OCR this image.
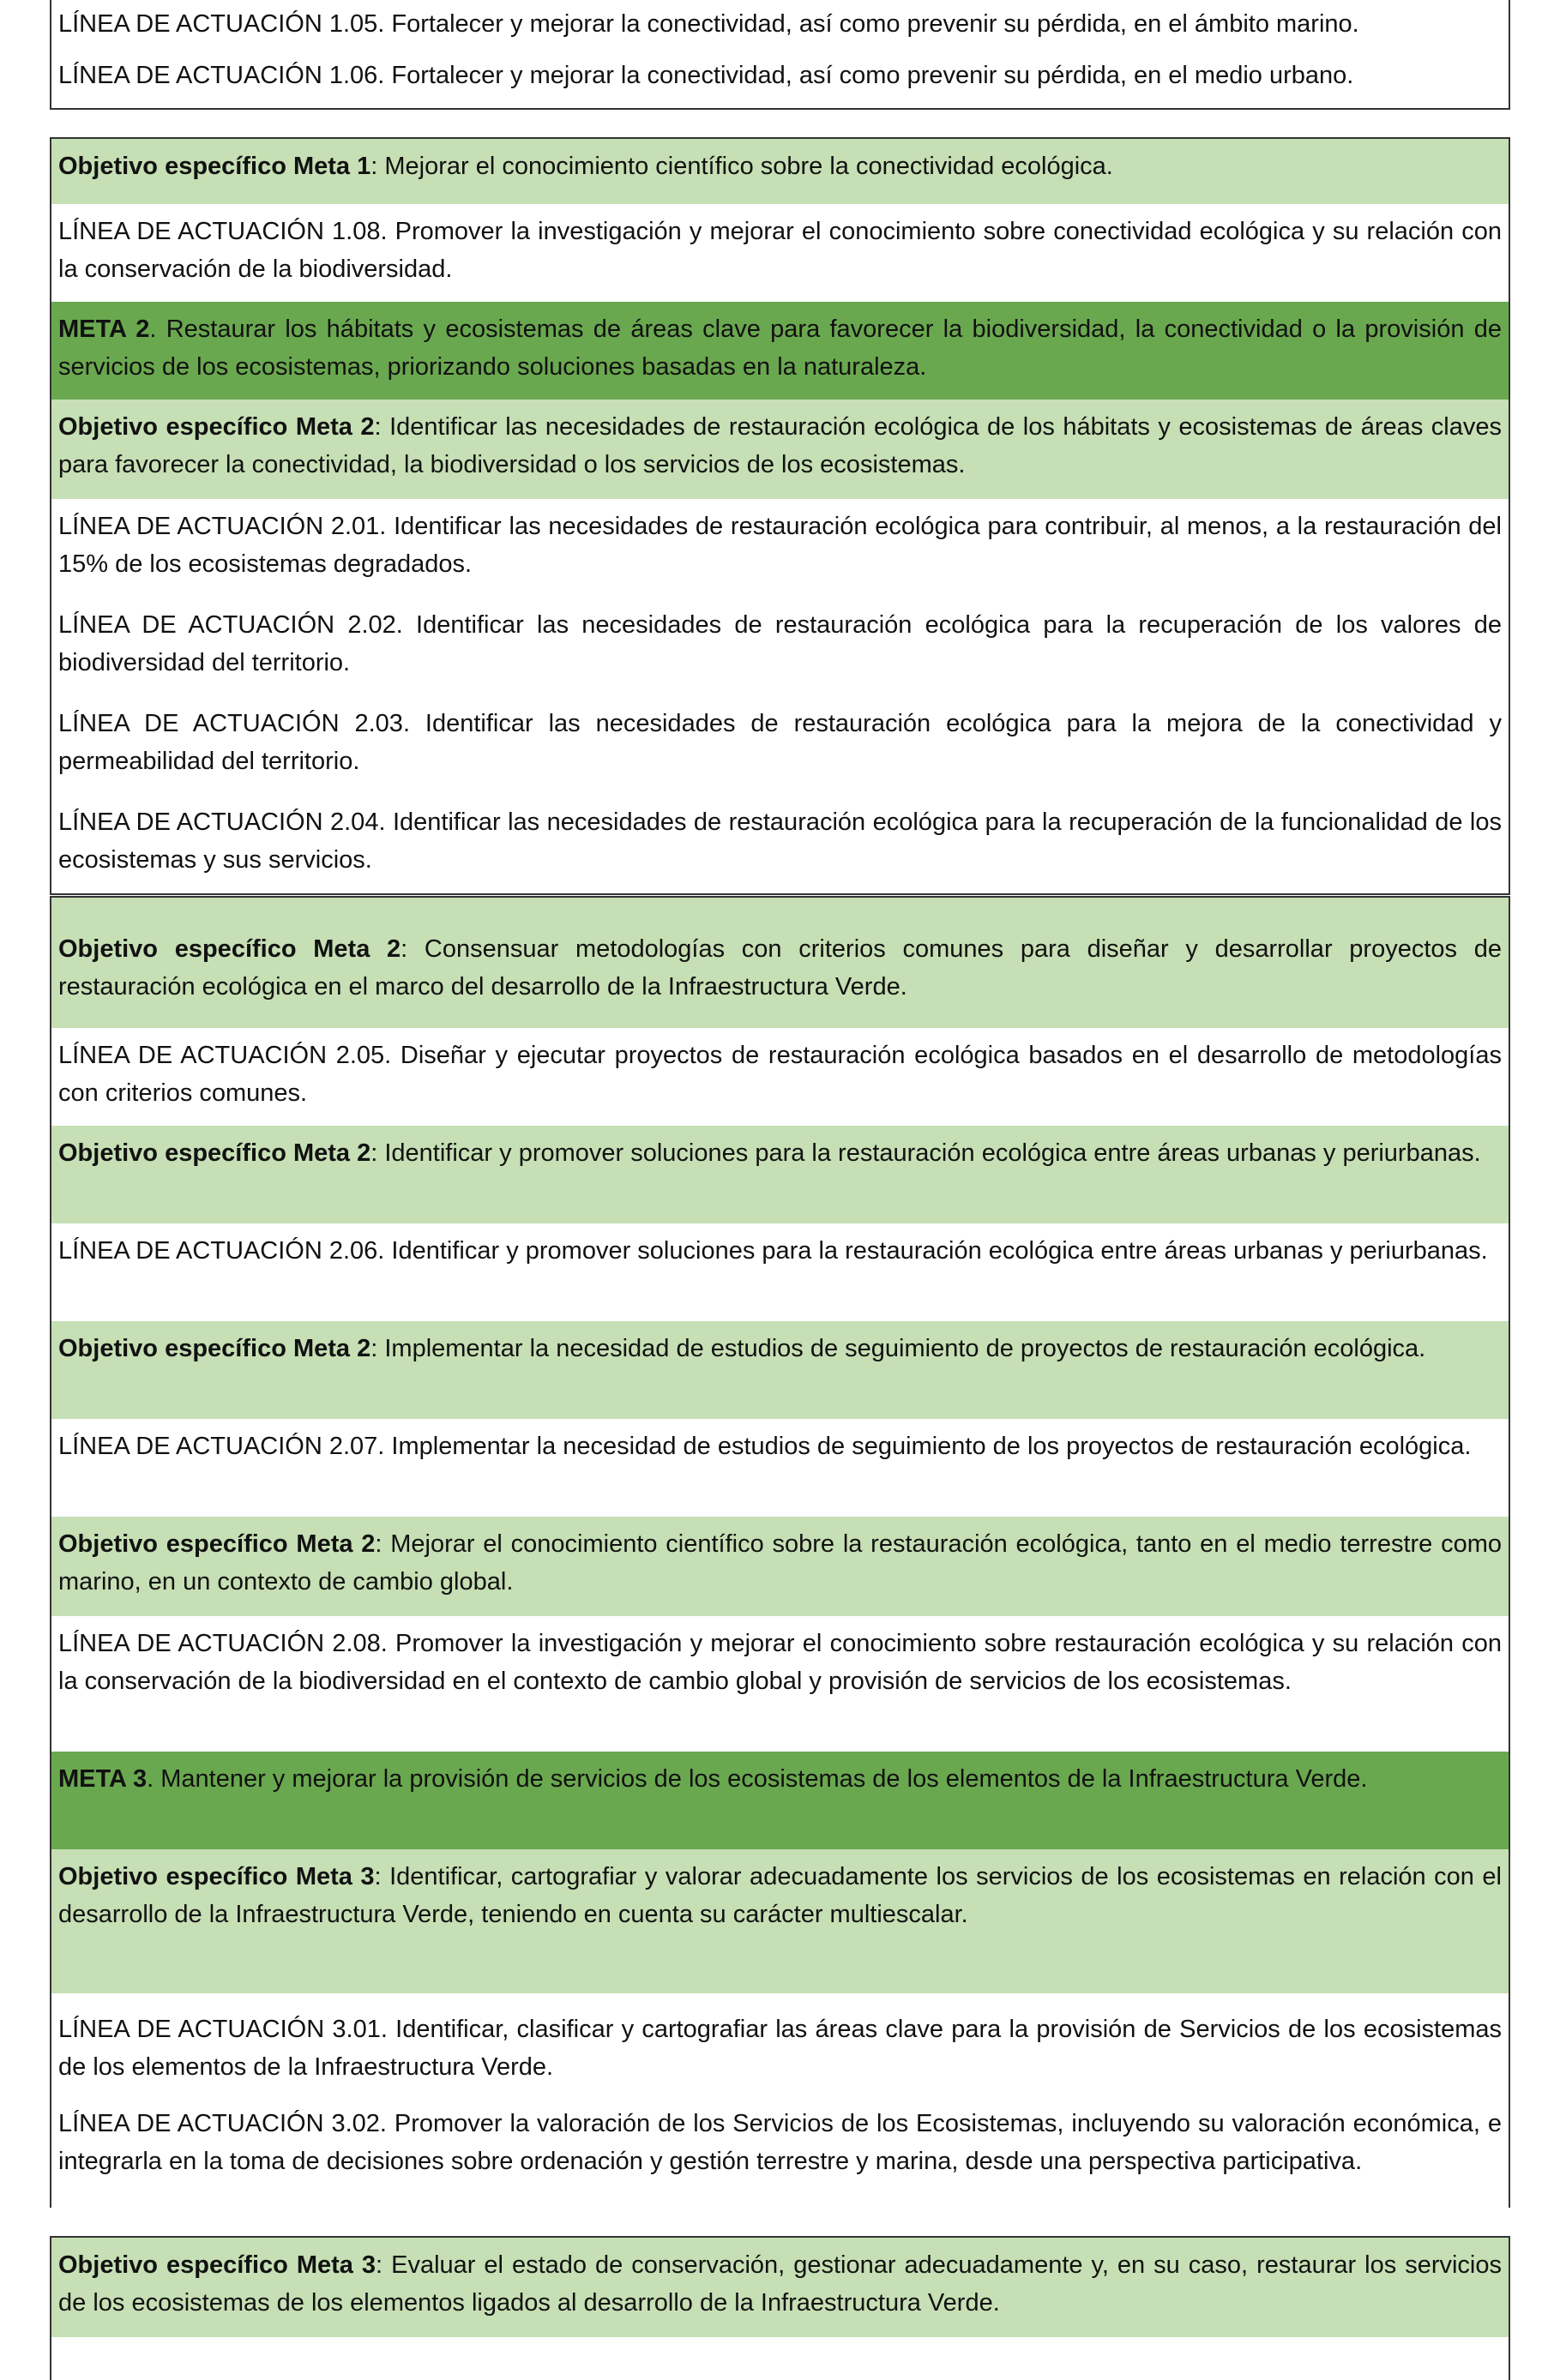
LÍNEA DE ACTUACIÓN 1.05. Fortalecer y mejorar la conectividad, así como prevenir su pérdida, en el ámbito marino.
LÍNEA DE ACTUACIÓN 1.06. Fortalecer y mejorar la conectividad, así como prevenir su pérdida, en el medio urbano.
Objetivo específico Meta 1: Mejorar el conocimiento científico sobre la conectividad ecológica.
LÍNEA DE ACTUACIÓN 1.08. Promover la investigación y mejorar el conocimiento sobre conectividad ecológica y su relación con la conservación de la biodiversidad.
META 2. Restaurar los hábitats y ecosistemas de áreas clave para favorecer la biodiversidad, la conectividad o la provisión de servicios de los ecosistemas, priorizando soluciones basadas en la naturaleza.
Objetivo específico Meta 2: Identificar las necesidades de restauración ecológica de los hábitats y ecosistemas de áreas claves para favorecer la conectividad, la biodiversidad o los servicios de los ecosistemas.
LÍNEA DE ACTUACIÓN 2.01. Identificar las necesidades de restauración ecológica para contribuir, al menos, a la restauración del 15% de los ecosistemas degradados.
LÍNEA DE ACTUACIÓN 2.02. Identificar las necesidades de restauración ecológica para la recuperación de los valores de biodiversidad del territorio.
LÍNEA DE ACTUACIÓN 2.03. Identificar las necesidades de restauración ecológica para la mejora de la conectividad y permeabilidad del territorio.
LÍNEA DE ACTUACIÓN 2.04. Identificar las necesidades de restauración ecológica para la recuperación de la funcionalidad de los ecosistemas y sus servicios.
Objetivo específico Meta 2: Consensuar metodologías con criterios comunes para diseñar y desarrollar proyectos de restauración ecológica en el marco del desarrollo de la Infraestructura Verde.
LÍNEA DE ACTUACIÓN 2.05. Diseñar y ejecutar proyectos de restauración ecológica basados en el desarrollo de metodologías con criterios comunes.
Objetivo específico Meta 2: Identificar y promover soluciones para la restauración ecológica entre áreas urbanas y periurbanas.
LÍNEA DE ACTUACIÓN 2.06. Identificar y promover soluciones para la restauración ecológica entre áreas urbanas y periurbanas.
Objetivo específico Meta 2: Implementar la necesidad de estudios de seguimiento de proyectos de restauración ecológica.
LÍNEA DE ACTUACIÓN 2.07. Implementar la necesidad de estudios de seguimiento de los proyectos de restauración ecológica.
Objetivo específico Meta 2: Mejorar el conocimiento científico sobre la restauración ecológica, tanto en el medio terrestre como marino, en un contexto de cambio global.
LÍNEA DE ACTUACIÓN 2.08. Promover la investigación y mejorar el conocimiento sobre restauración ecológica y su relación con la conservación de la biodiversidad en el contexto de cambio global y provisión de servicios de los ecosistemas.
META 3. Mantener y mejorar la provisión de servicios de los ecosistemas de los elementos de la Infraestructura Verde.
Objetivo específico Meta 3: Identificar, cartografiar y valorar adecuadamente los servicios de los ecosistemas en relación con el desarrollo de la Infraestructura Verde, teniendo en cuenta su carácter multiescalar.
LÍNEA DE ACTUACIÓN 3.01. Identificar, clasificar y cartografiar las áreas clave para la provisión de Servicios de los ecosistemas de los elementos de la Infraestructura Verde.
LÍNEA DE ACTUACIÓN 3.02. Promover la valoración de los Servicios de los Ecosistemas, incluyendo su valoración económica, e integrarla en la toma de decisiones sobre ordenación y gestión terrestre y marina, desde una perspectiva participativa.
Objetivo específico Meta 3: Evaluar el estado de conservación, gestionar adecuadamente y, en su caso, restaurar los servicios de los ecosistemas de los elementos ligados al desarrollo de la Infraestructura Verde.
